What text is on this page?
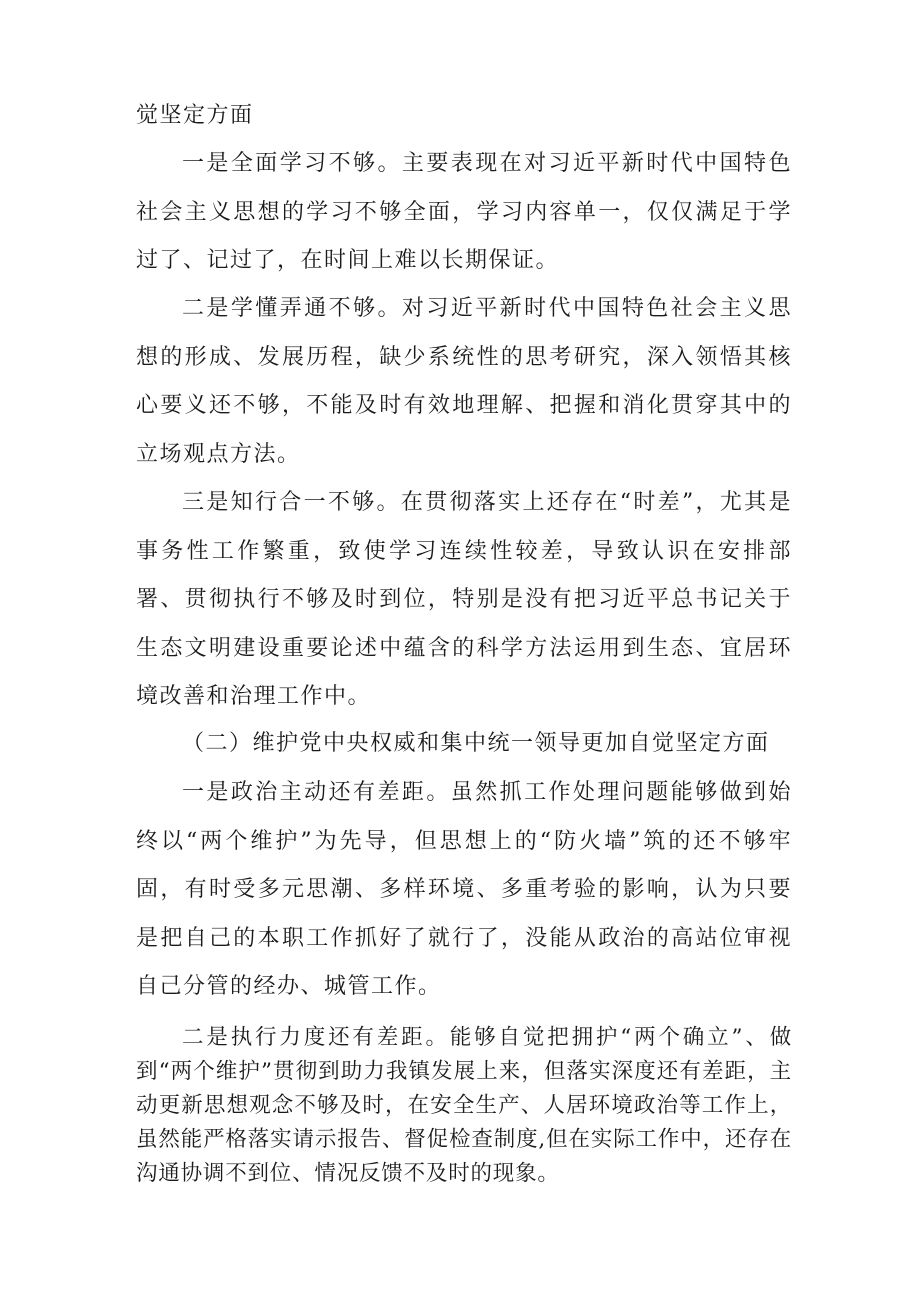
觉坚定方面

一是全面学习不够。主要表现在对习近平新时代中国特色社会主义思想的学习不够全面，学习内容单一，仅仅满足于学过了、记过了，在时间上难以长期保证。

二是学懂弄通不够。对习近平新时代中国特色社会主义思想的形成、发展历程，缺少系统性的思考研究，深入领悟其核心要义还不够，不能及时有效地理解、把握和消化贯穿其中的立场观点方法。

三是知行合一不够。在贯彻落实上还存在“时差”，尤其是事务性工作繁重，致使学习连续性较差，导致认识在安排部署、贯彻执行不够及时到位，特别是没有把习近平总书记关于生态文明建设重要论述中蕴含的科学方法运用到生态、宜居环境改善和治理工作中。

（二）维护党中央权威和集中统一领导更加自觉坚定方面

一是政治主动还有差距。虽然抓工作处理问题能够做到始终以“两个维护”为先导，但思想上的“防火墙”筑的还不够牢固，有时受多元思潮、多样环境、多重考验的影响，认为只要是把自己的本职工作抓好了就行了，没能从政治的高站位审视自己分管的经办、城管工作。

二是执行力度还有差距。能够自觉把拥护“两个确立”、做到“两个维护”贯彻到助力我镇发展上来，但落实深度还有差距，主动更新思想观念不够及时，在安全生产、人居环境政治等工作上，虽然能严格落实请示报告、督促检查制度,但在实际工作中，还存在沟通协调不到位、情况反馈不及时的现象。
